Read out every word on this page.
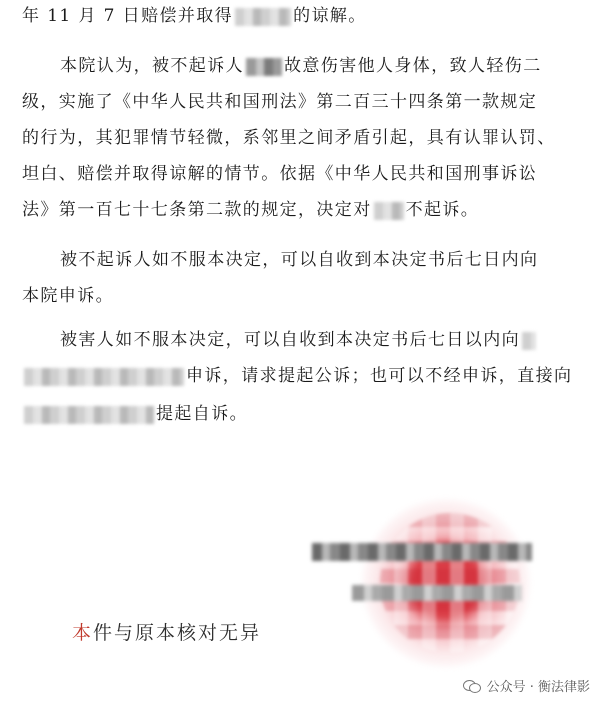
年 11 月 7 日赔偿并取得	的谅解。
本院认为，被不起诉人 故意伤害他人身体，致人轻伤二
级，实施了《中华人民共和国刑法》第二百三十四条第一款规定
的行为，其犯罪情节轻微，系邻里之间矛盾引起，具有认罪认罚、
坦白、赔偿并取得谅解的情节。依据《中华人民共和国刑事诉讼
法》第一百七十七条第二款的规定，决定对 不起诉。
被不起诉人如不服本决定，可以自收到本决定书后七日内向
本院申诉。
被害人如不服本决定，可以自收到本决定书后七日以内向
申诉，请求提起公诉；也可以不经申诉，直接向
提起自诉。
本件与原本核对无异
公众号 · 衡法律影
